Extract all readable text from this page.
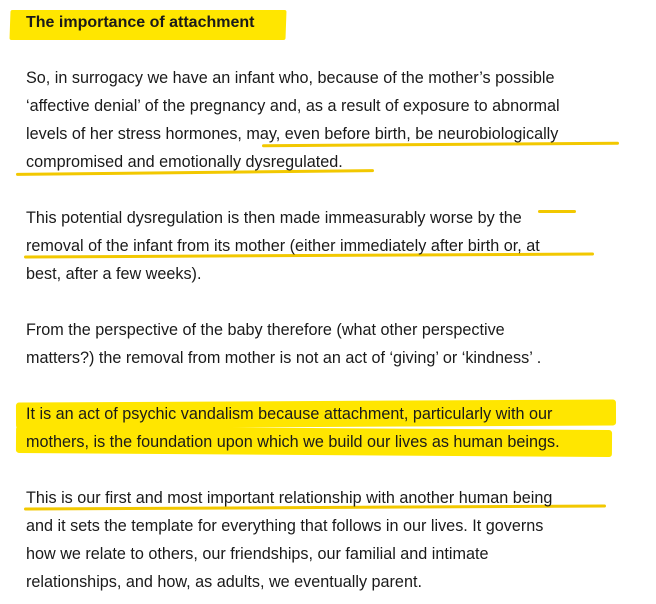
The importance of attachment
So, in surrogacy we have an infant who, because of the mother’s possible
‘affective denial’ of the pregnancy and, as a result of exposure to abnormal
levels of her stress hormones, may, even before birth, be neurobiologically
compromised and emotionally dysregulated.
This potential dysregulation is then made immeasurably worse by the
removal of the infant from its mother (either immediately after birth or, at
best, after a few weeks).
From the perspective of the baby therefore (what other perspective
matters?) the removal from mother is not an act of ‘giving’ or ‘kindness’ .
It is an act of psychic vandalism because attachment, particularly with our
mothers, is the foundation upon which we build our lives as human beings.
This is our first and most important relationship with another human being
and it sets the template for everything that follows in our lives. It governs
how we relate to others, our friendships, our familial and intimate
relationships, and how, as adults, we eventually parent.
